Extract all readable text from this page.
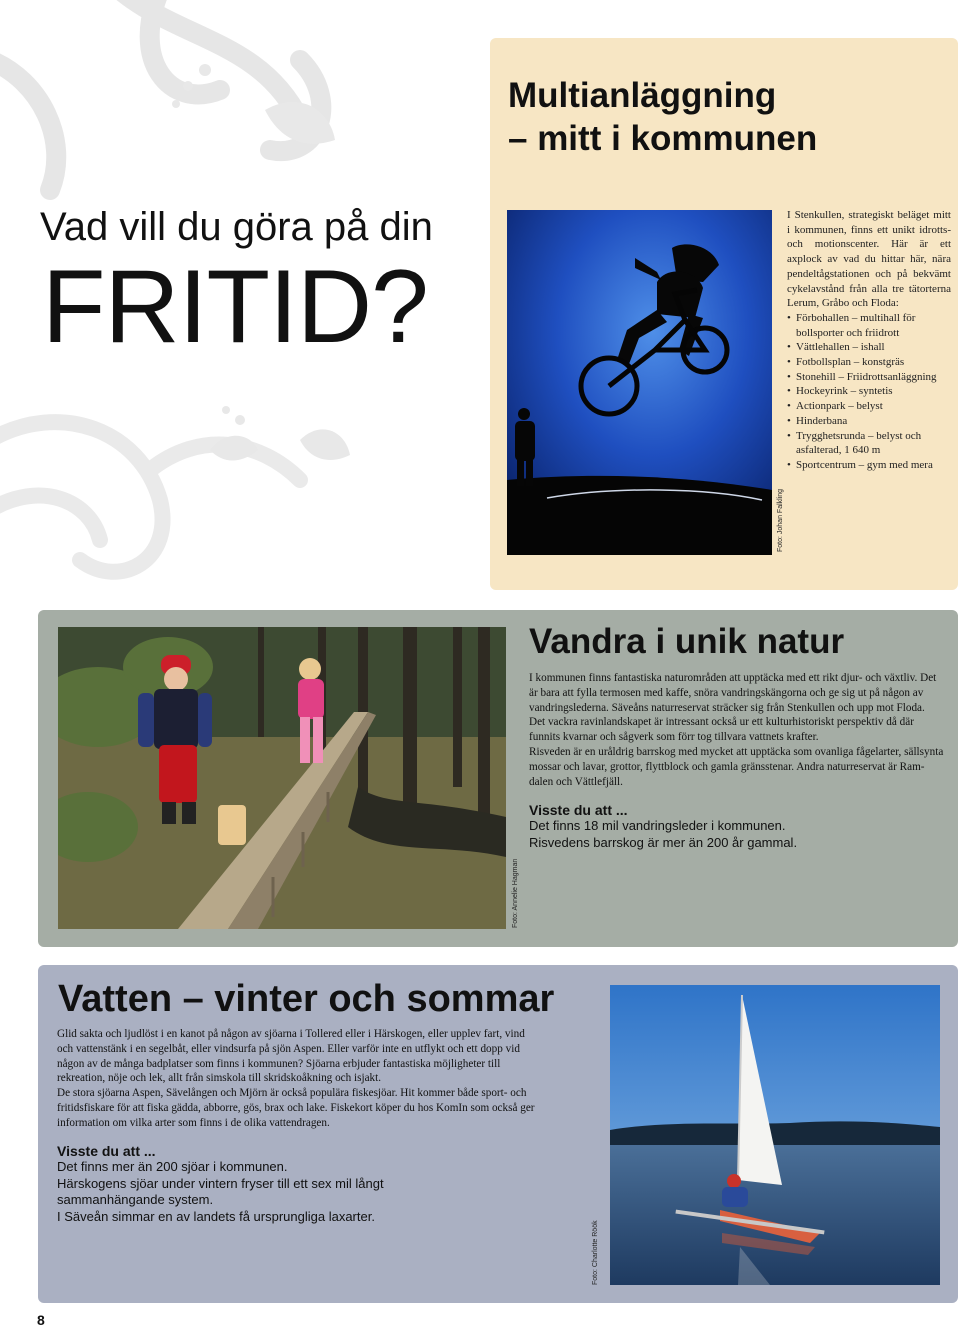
Vad vill du göra på din
FRITID?
Multianläggning
– mitt i kommunen
Foto: Johan Falkling
I Stenkullen, strategiskt beläget mitt i kommunen, finns ett unikt idrotts- och motionscenter. Här är ett axplock av vad du hittar här, nära pendeltågstationen och på bekvämt cykelavstånd från alla tre tätorterna Lerum, Gråbo och Floda:
• Förbohallen – multihall för bollsporter och friidrott
• Vättlehallen – ishall
• Fotbollsplan – konstgräs
• Stonehill – Friidrottsanläggning
• Hockeyrink – syntetis
• Actionpark – belyst
• Hinderbana
• Trygghetsrunda – belyst och asfalterad, 1 640 m
• Sportcentrum – gym med mera
Foto: Annelie Hagman
Vandra i unik natur

I kommunen finns fantastiska naturområden att upptäcka med ett rikt djur- och växtliv. Det är bara att fylla termosen med kaffe, snöra vandringskängorna och ge sig ut på någon av vandringslederna. Säveåns naturreservat sträcker sig från Stenkullen och upp mot Floda.

Det vackra ravinlandskapet är intressant också ur ett kulturhistoriskt perspektiv då där funnits kvarnar och sågverk som förr tog tillvara vattnets krafter.

Risveden är en uråldrig barrskog med mycket att upptäcka som ovanliga fågelarter, sällsynta mossar och lavar, grottor, flyttblock och gamla gränsstenar. Andra naturreservat är Ram-dalen och Vättlefjäll.

Visste du att ...
Det finns 18 mil vandringsleder i kommunen.
Risvedens barrskog är mer än 200 år gammal.
Vatten – vinter och sommar

Glid sakta och ljudlöst i en kanot på någon av sjöarna i Tollered eller i Härskogen, eller upplev fart, vind och vattenstänk i en segelbåt, eller vindsurfa på sjön Aspen. Eller varför inte en utflykt och ett dopp vid någon av de många badplatser som finns i kommunen? Sjöarna erbjuder fantastiska möjligheter till rekreation, nöje och lek, allt från simskola till skridskoåkning och isjakt.

De stora sjöarna Aspen, Sävelången och Mjörn är också populära fiskesjöar. Hit kommer både sport- och fritidsfiskare för att fiska gädda, abborre, gös, brax och lake. Fiskekort köper du hos KomIn som också ger information om vilka arter som finns i de olika vattendragen.

Visste du att ...
Det finns mer än 200 sjöar i kommunen.
Härskogens sjöar under vintern fryser till ett sex mil långt
sammanhängande system.
I Säveån simmar en av landets få ursprungliga laxarter.
Foto: Charlotte Röök
8
